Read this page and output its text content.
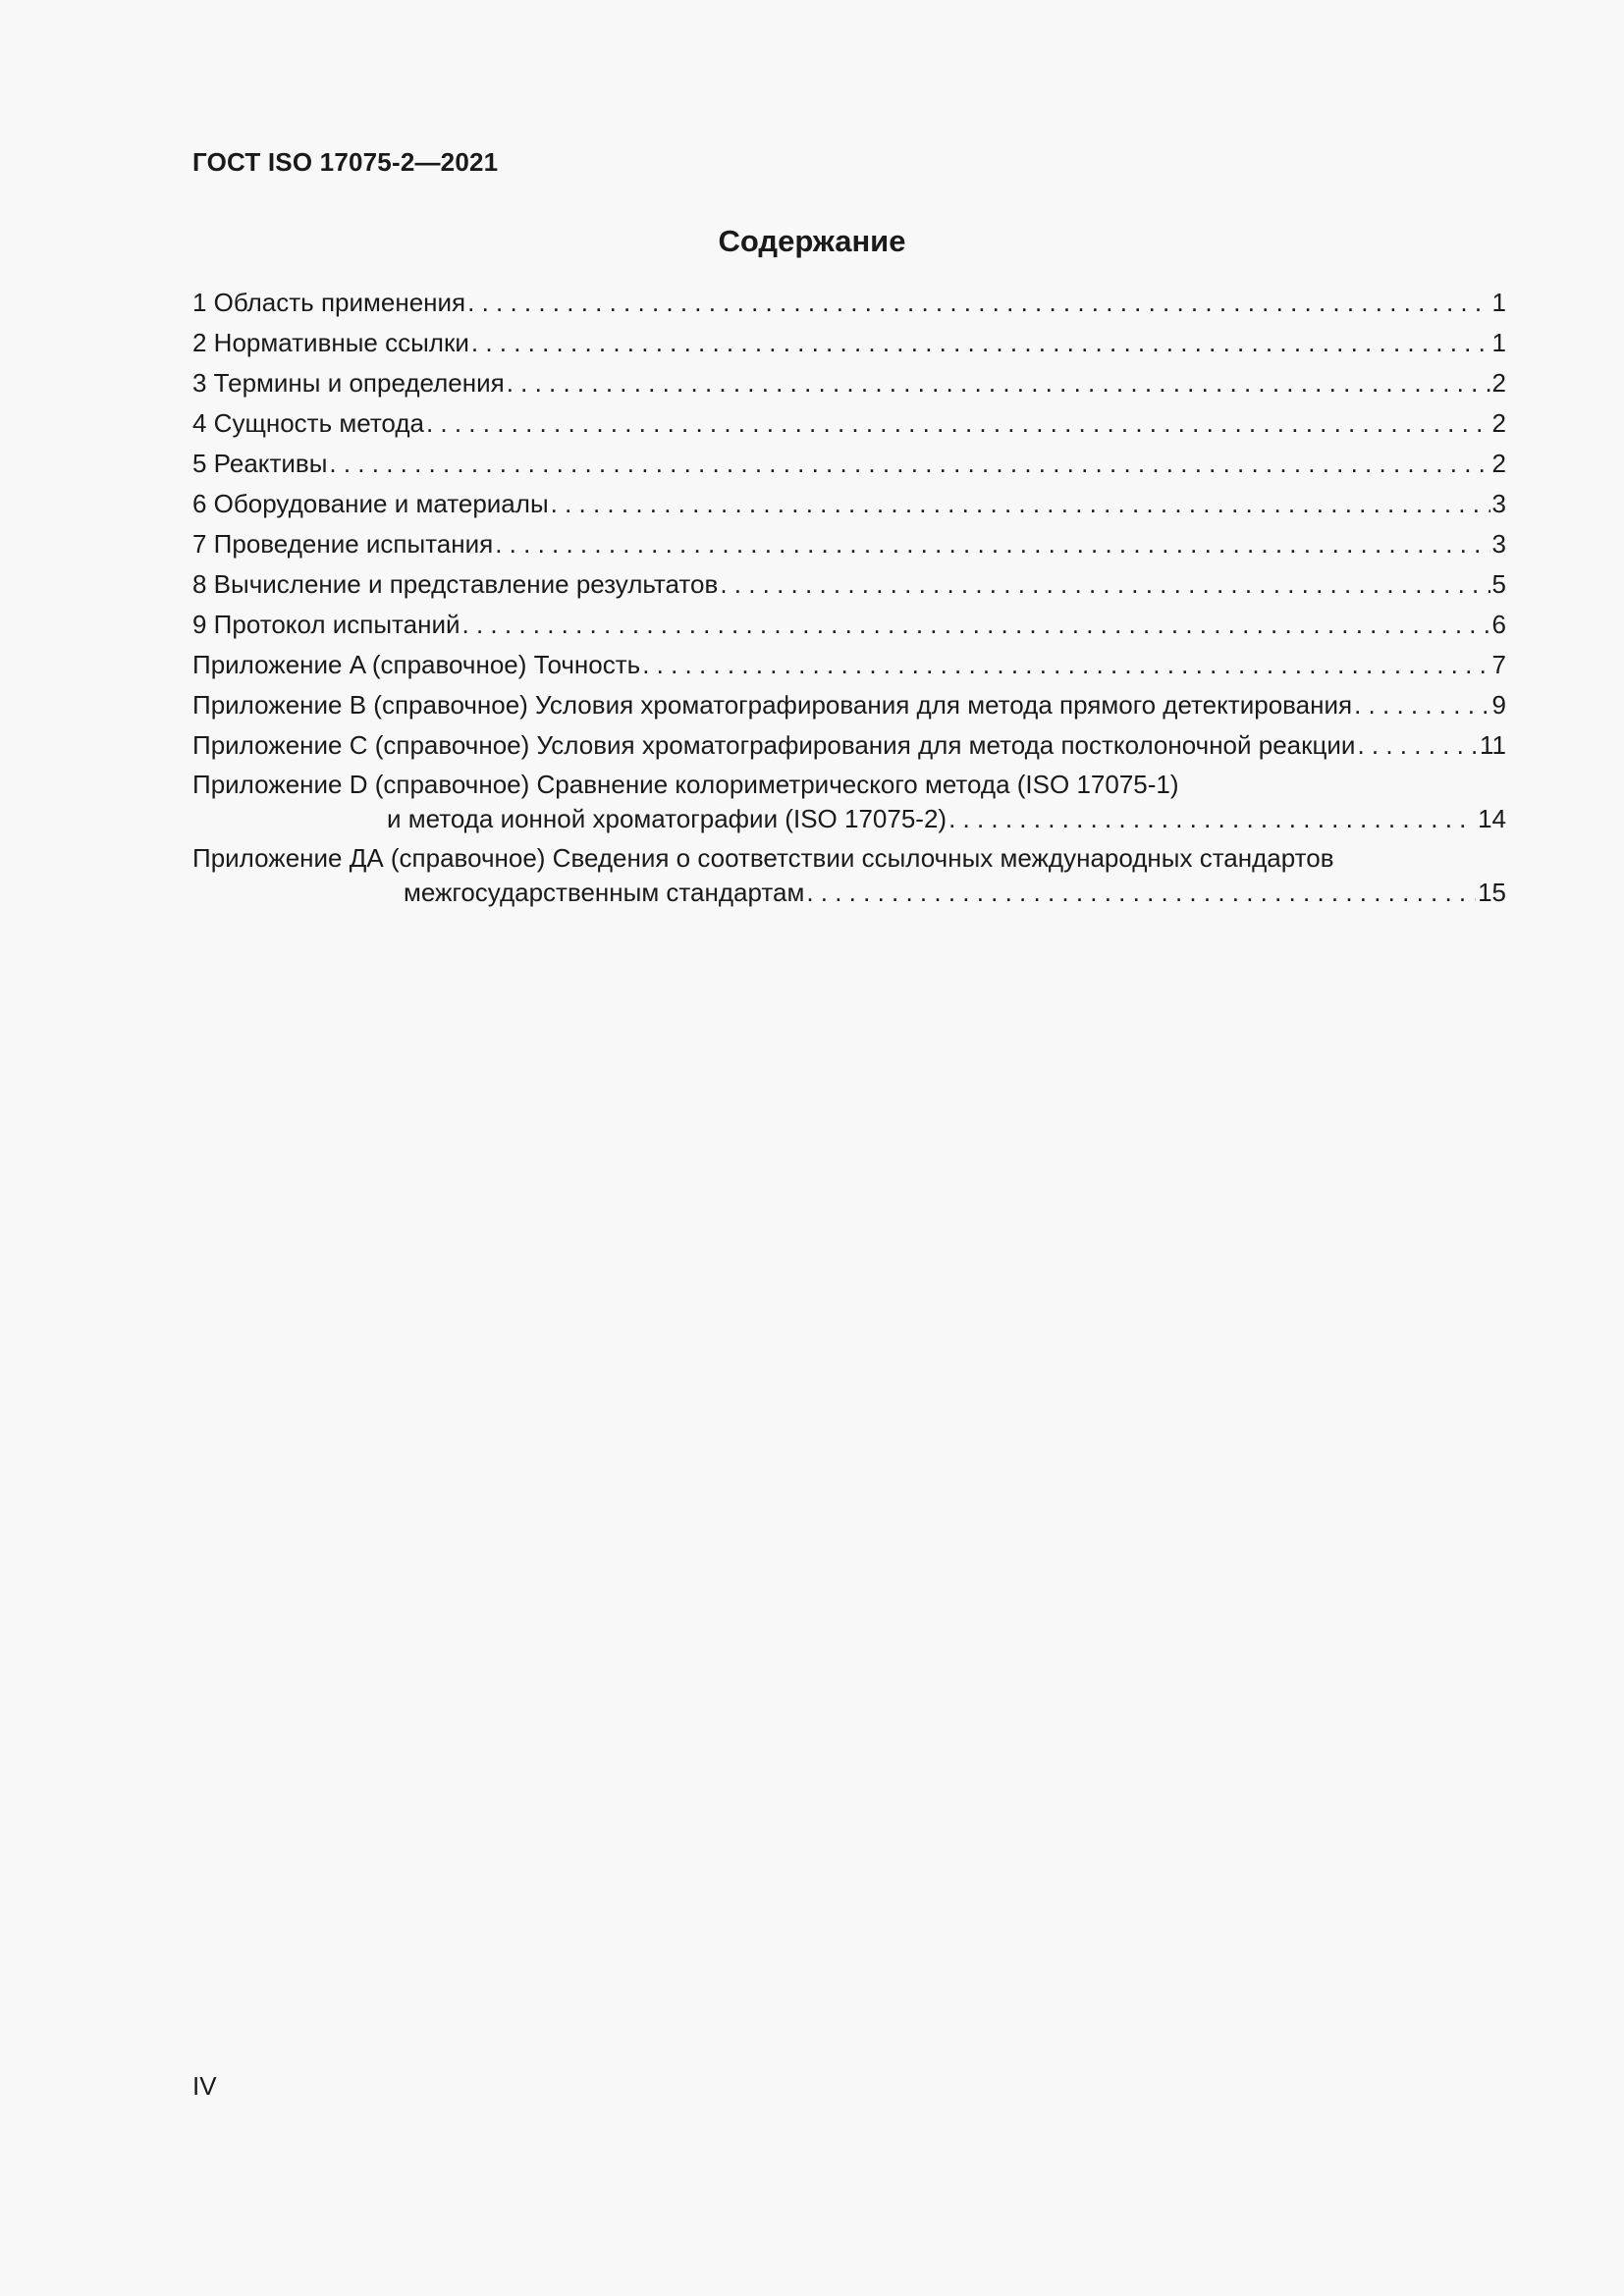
ГОСТ ISO 17075-2—2021
Содержание
1 Область применения . . .	1
2 Нормативные ссылки . . .	1
3 Термины и определения . . .	2
4 Сущность метода . . .	2
5 Реактивы . . .	2
6 Оборудование и материалы . . .	3
7 Проведение испытания . . .	3
8 Вычисление и представление результатов . . .	5
9 Протокол испытаний . . .	6
Приложение A (справочное) Точность . . .	7
Приложение B (справочное) Условия хроматографирования для метода прямого детектирования . . .	9
Приложение C (справочное) Условия хроматографирования для метода постколоночной реакции . . .	11
Приложение D (справочное) Сравнение колориметрического метода (ISO 17075-1)
и метода ионной хроматографии (ISO 17075-2) . . .	14
Приложение ДА (справочное) Сведения о соответствии ссылочных международных стандартов
межгосударственным стандартам . . .	15
IV
